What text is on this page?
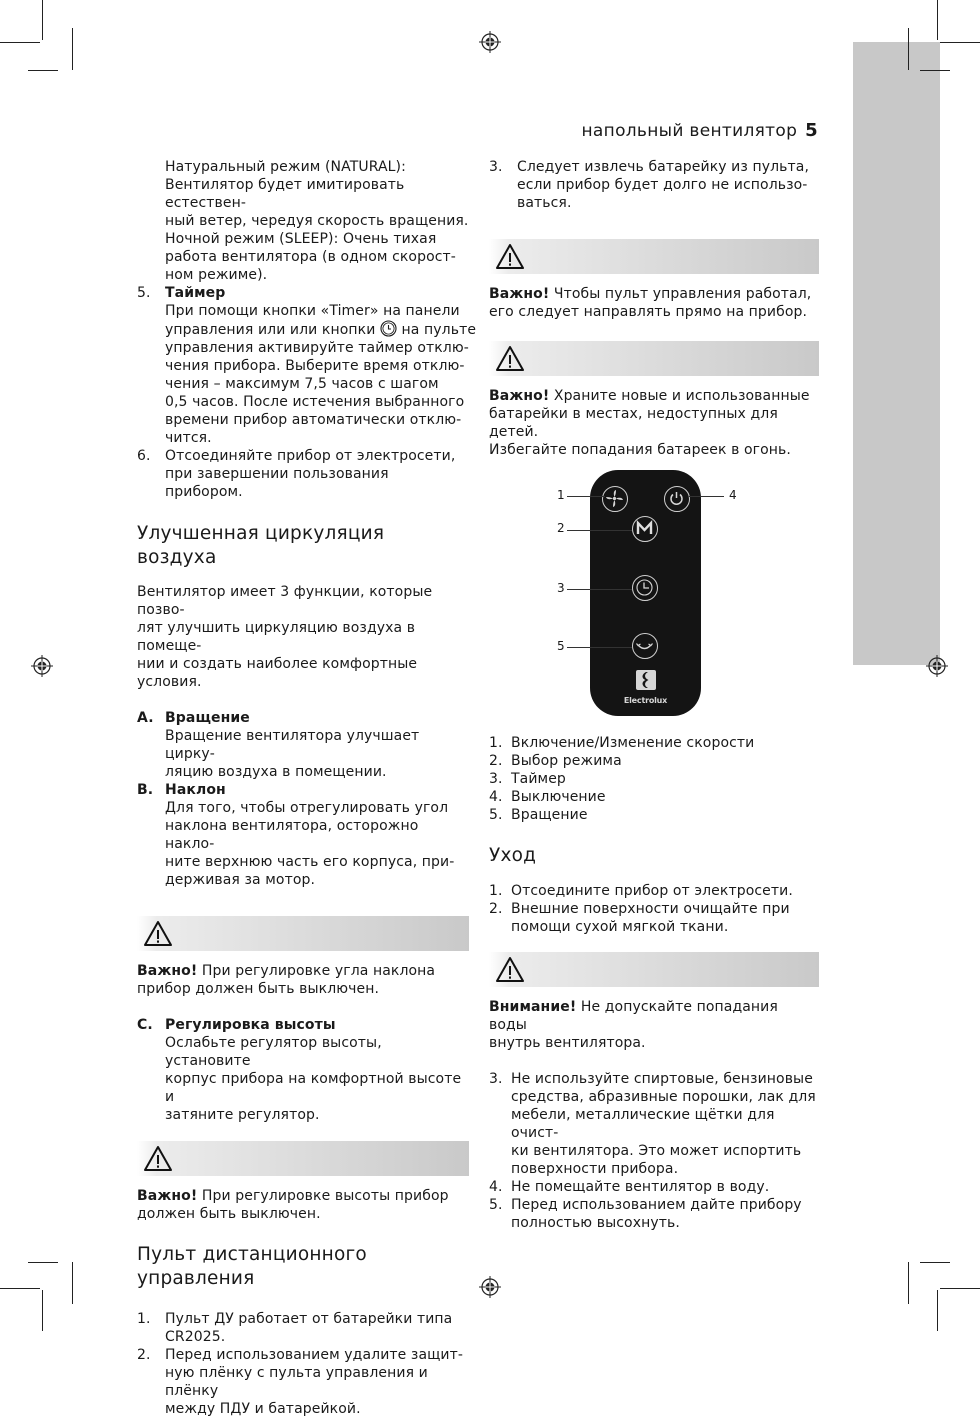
напольный вентилятор 5
Натуральный режим (NATURAL):
Вентилятор будет имитировать естествен-
ный ветер, чередуя скорость вращения.
Ночной режим (SLEEP): Очень тихая
работа вентилятора (в одном скорост-
ном режиме).
5. Таймер
При помощи кнопки «Timer» на панели
управления или или кнопки на пульте
управления активируйте таймер отклю-
чения прибора. Выберите время отклю-
чения – максимум 7,5 часов с шагом
0,5 часов. После истечения выбранного
времени прибор автоматически отклю-
чится.
6. Отсоединяйте прибор от электросети,
при завершении пользования прибором.
Улучшенная циркуляция воздуха
Вентилятор имеет 3 функции, которые позво-
лят улучшить циркуляцию воздуха в помеще-
нии и создать наиболее комфортные условия.
A. Вращение
Вращение вентилятора улучшает цирку-
ляцию воздуха в помещении.
B. Наклон
Для того, чтобы отрегулировать угол
наклона вентилятора, осторожно накло-
ните верхнюю часть его корпуса, при-
держивая за мотор.
Важно! При регулировке угла наклона
прибор должен быть выключен.
C. Регулировка высоты
Ослабьте регулятор высоты, установите
корпус прибора на комфортной высоте и
затяните регулятор.
Важно! При регулировке высоты прибор
должен быть выключен.
Пульт дистанционного
управления
1. Пульт ДУ работает от батарейки типа
CR2025.
2. Перед использованием удалите защит-
ную плёнку с пульта управления и плёнку
между ПДУ и батарейкой.
3. Следует извлечь батарейку из пульта,
если прибор будет долго не использо-
ваться.
Важно! Чтобы пульт управления работал,
его следует направлять прямо на прибор.
Важно! Храните новые и использованные
батарейки в местах, недоступных для детей.
Избегайте попадания батареек в огонь.
Electrolux
1
2
3
4
5
1. Включение/Изменение скорости
2. Выбор режима
3. Таймер
4. Выключение
5. Вращение
Уход
1. Отсоедините прибор от электросети.
2. Внешние поверхности очищайте при
помощи сухой мягкой ткани.
Внимание! Не допускайте попадания воды
внутрь вентилятора.
3. Не используйте спиртовые, бензиновые
средства, абразивные порошки, лак для
мебели, металлические щётки для очист-
ки вентилятора. Это может испортить
поверхности прибора.
4. Не помещайте вентилятор в воду.
5. Перед использованием дайте прибору
полностью высохнуть.
